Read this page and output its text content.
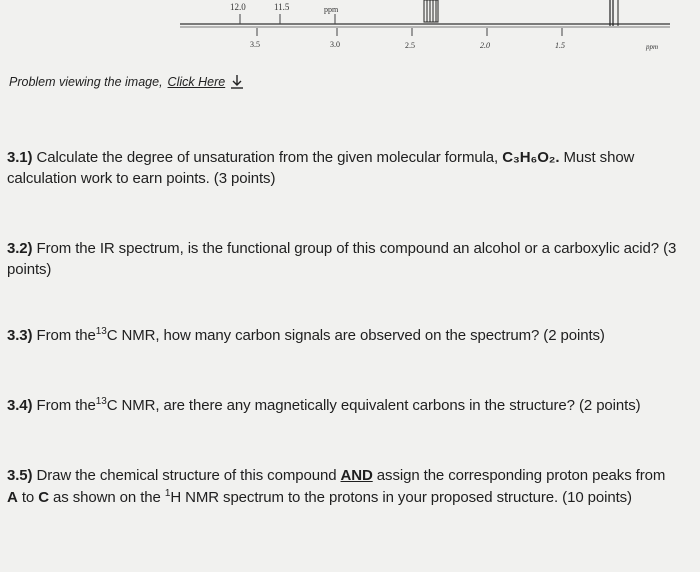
12.0	11.5	ppm
3.5	3.0	2.5	2.0	1.5	ppm
Problem viewing the image, Click Here
3.1) Calculate the degree of unsaturation from the given molecular formula, C₃H₆O₂. Must show calculation work to earn points. (3 points)
3.2) From the IR spectrum, is the functional group of this compound an alcohol or a carboxylic acid? (3 points)
3.3) From the$^{13}$C NMR, how many carbon signals are observed on the spectrum? (2 points)
3.4) From the$^{13}$C NMR, are there any magnetically equivalent carbons in the structure? (2 points)
3.5) Draw the chemical structure of this compound AND assign the corresponding proton peaks from A to C as shown on the $^1$H NMR spectrum to the protons in your proposed structure. (10 points)
